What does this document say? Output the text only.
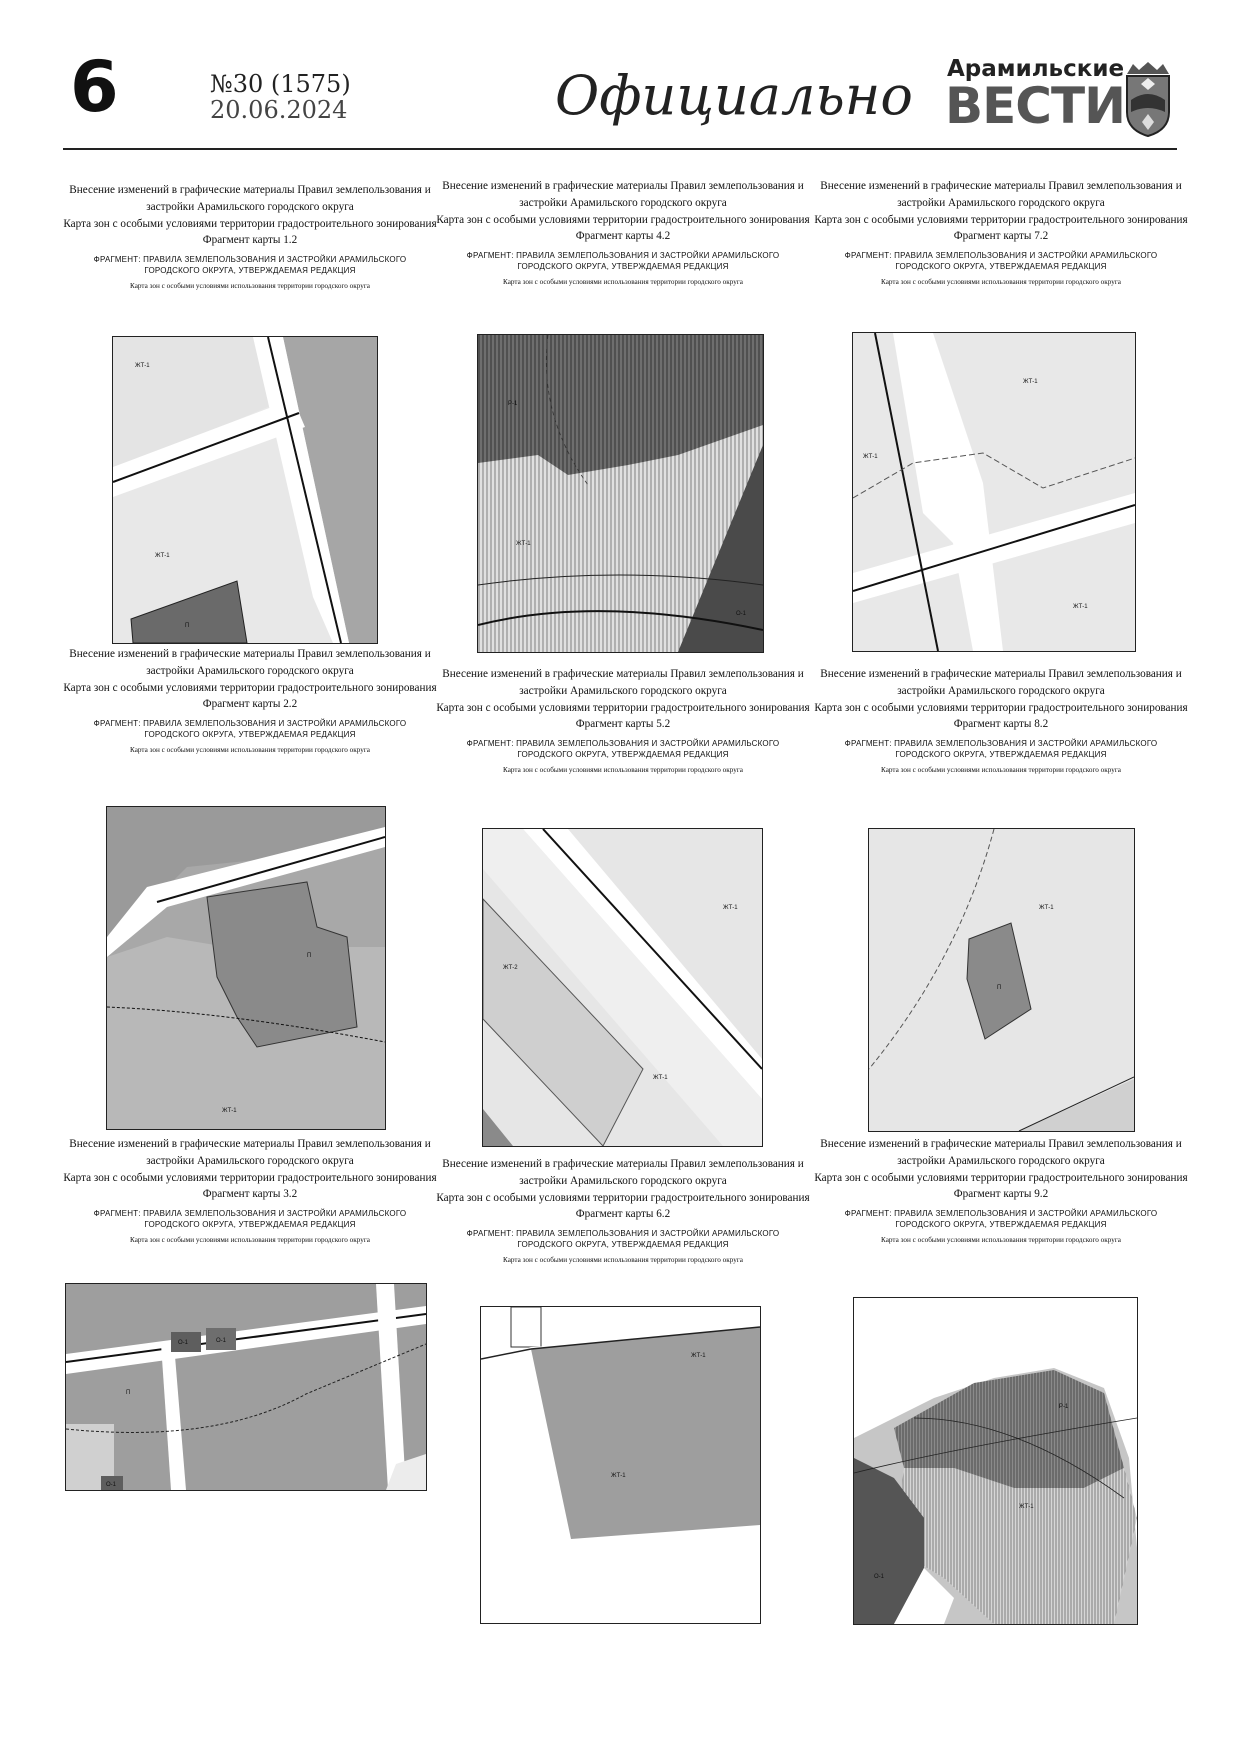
6	№30 (1575)
20.06.2024	Официально Арамильские
ВЕСТИ
Внесение изменений в графические материалы Правил землепользования и
застройки Арамильского городского округа
Карта зон с особыми условиями территории градостроительного зонирования
Фрагмент карты 1.2
ФРАГМЕНТ: ПРАВИЛА ЗЕМЛЕПОЛЬЗОВАНИЯ И ЗАСТРОЙКИ АРАМИЛЬСКОГО
ГОРОДСКОГО ОКРУГА, УТВЕРЖДАЕМАЯ РЕДАКЦИЯ
Карта зон с особыми условиями использования территории городского округа
Внесение изменений в графические материалы Правил землепользования и
застройки Арамильского городского округа
Карта зон с особыми условиями территории градостроительного зонирования
Фрагмент карты 4.2
ФРАГМЕНТ: ПРАВИЛА ЗЕМЛЕПОЛЬЗОВАНИЯ И ЗАСТРОЙКИ АРАМИЛЬСКОГО
ГОРОДСКОГО ОКРУГА, УТВЕРЖДАЕМАЯ РЕДАКЦИЯ
Карта зон с особыми условиями использования территории городского округа
Внесение изменений в графические материалы Правил землепользования и
застройки Арамильского городского округа
Карта зон с особыми условиями территории градостроительного зонирования
Фрагмент карты 7.2
ФРАГМЕНТ: ПРАВИЛА ЗЕМЛЕПОЛЬЗОВАНИЯ И ЗАСТРОЙКИ АРАМИЛЬСКОГО
ГОРОДСКОГО ОКРУГА, УТВЕРЖДАЕМАЯ РЕДАКЦИЯ
Карта зон с особыми условиями использования территории городского округа
ЖТ-1
ЖТ-1
П
Р-1
ЖТ-1
О-1
ЖТ-1
ЖТ-1
ЖТ-1
Внесение изменений в графические материалы Правил землепользования и
застройки Арамильского городского округа
Карта зон с особыми условиями территории градостроительного зонирования
Фрагмент карты 2.2
ФРАГМЕНТ: ПРАВИЛА ЗЕМЛЕПОЛЬЗОВАНИЯ И ЗАСТРОЙКИ АРАМИЛЬСКОГО
ГОРОДСКОГО ОКРУГА, УТВЕРЖДАЕМАЯ РЕДАКЦИЯ
Карта зон с особыми условиями использования территории городского округа
Внесение изменений в графические материалы Правил землепользования и
застройки Арамильского городского округа
Карта зон с особыми условиями территории градостроительного зонирования
Фрагмент карты 5.2
ФРАГМЕНТ: ПРАВИЛА ЗЕМЛЕПОЛЬЗОВАНИЯ И ЗАСТРОЙКИ АРАМИЛЬСКОГО
ГОРОДСКОГО ОКРУГА, УТВЕРЖДАЕМАЯ РЕДАКЦИЯ
Карта зон с особыми условиями использования территории городского округа
Внесение изменений в графические материалы Правил землепользования и
застройки Арамильского городского округа
Карта зон с особыми условиями территории градостроительного зонирования
Фрагмент карты 8.2
ФРАГМЕНТ: ПРАВИЛА ЗЕМЛЕПОЛЬЗОВАНИЯ И ЗАСТРОЙКИ АРАМИЛЬСКОГО
ГОРОДСКОГО ОКРУГА, УТВЕРЖДАЕМАЯ РЕДАКЦИЯ
Карта зон с особыми условиями использования территории городского округа
П
ЖТ-1
ЖТ-1
ЖТ-2
ЖТ-1
ЖТ-1
П
Внесение изменений в графические материалы Правил землепользования и
застройки Арамильского городского округа
Карта зон с особыми условиями территории градостроительного зонирования
Фрагмент карты 3.2
ФРАГМЕНТ: ПРАВИЛА ЗЕМЛЕПОЛЬЗОВАНИЯ И ЗАСТРОЙКИ АРАМИЛЬСКОГО
ГОРОДСКОГО ОКРУГА, УТВЕРЖДАЕМАЯ РЕДАКЦИЯ
Карта зон с особыми условиями использования территории городского округа
Внесение изменений в графические материалы Правил землепользования и
застройки Арамильского городского округа
Карта зон с особыми условиями территории градостроительного зонирования
Фрагмент карты 6.2
ФРАГМЕНТ: ПРАВИЛА ЗЕМЛЕПОЛЬЗОВАНИЯ И ЗАСТРОЙКИ АРАМИЛЬСКОГО
ГОРОДСКОГО ОКРУГА, УТВЕРЖДАЕМАЯ РЕДАКЦИЯ
Карта зон с особыми условиями использования территории городского округа
Внесение изменений в графические материалы Правил землепользования и
застройки Арамильского городского округа
Карта зон с особыми условиями территории градостроительного зонирования
Фрагмент карты 9.2
ФРАГМЕНТ: ПРАВИЛА ЗЕМЛЕПОЛЬЗОВАНИЯ И ЗАСТРОЙКИ АРАМИЛЬСКОГО
ГОРОДСКОГО ОКРУГА, УТВЕРЖДАЕМАЯ РЕДАКЦИЯ
Карта зон с особыми условиями использования территории городского округа
П
О-1	О-1
О-1
ЖТ-1
ЖТ-1
Р-1
ЖТ-1
О-1
